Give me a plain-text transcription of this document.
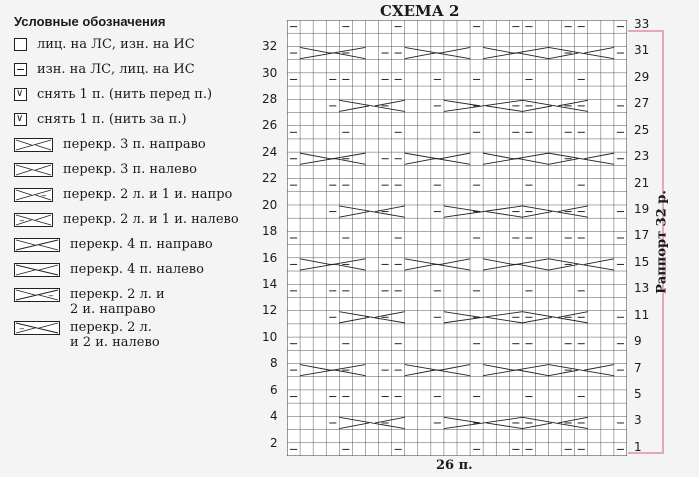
Условные обозначения
лиц. на ЛС, изн. на ИС
изн. на ЛС, лиц. на ИС
∨
снять 1 п. (нить перед п.)
∨
снять 1 п. (нить за п.)
перекр. 3 п. направо
перекр. 3 п. налево
− перекр. 2 л. и 1 и. напро
−	перекр. 2 л. и 1 и. налево
перекр. 4 п. направо
перекр. 4 п. налево
− перекр. 2 л. и
2 и. направо
−	перекр. 2 л.
и 2 и. налево
СХЕМА 2
Раппорт 32 р.
32
30
28
26
24
22
20
18
16
14
12
10
8
6
4
2
33
31
29
27
25
23
21
19
17
15
13
11
9
7
5
3
1
26 п.
